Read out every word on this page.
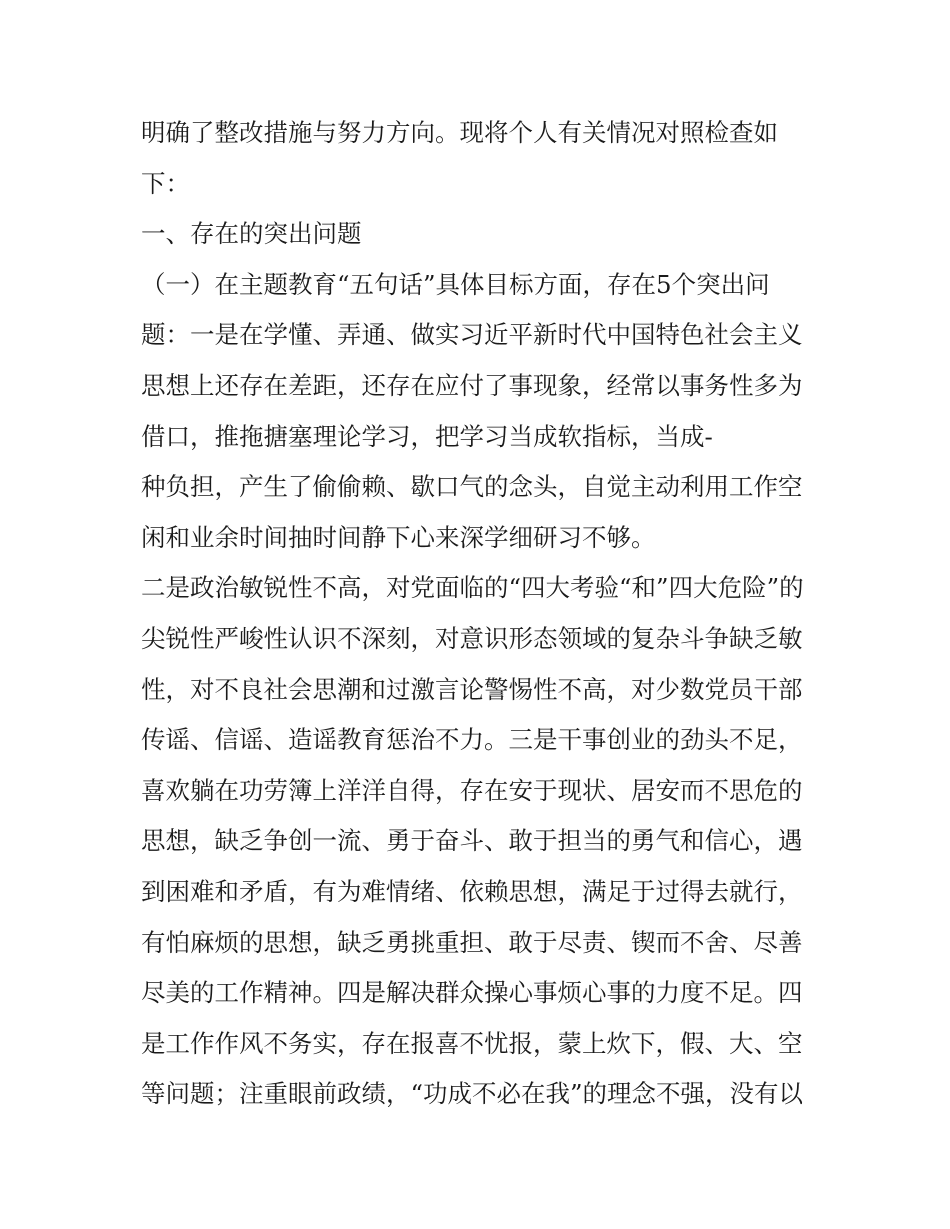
明确了整改措施与努力方向。现将个人有关情况对照检查如
下：
一、存在的突出问题
（一）在主题教育“五句话”具体目标方面，存在5个突出问
题：一是在学懂、弄通、做实习近平新时代中国特色社会主义
思想上还存在差距，还存在应付了事现象，经常以事务性多为
借口，推拖搪塞理论学习，把学习当成软指标，当成-
种负担，产生了偷偷赖、歇口气的念头，自觉主动利用工作空
闲和业余时间抽时间静下心来深学细研习不够。
二是政治敏锐性不高，对党面临的“四大考验“和”四大危险”的
尖锐性严峻性认识不深刻，对意识形态领域的复杂斗争缺乏敏
性，对不良社会思潮和过激言论警惕性不高，对少数党员干部
传谣、信谣、造谣教育惩治不力。三是干事创业的劲头不足，
喜欢躺在功劳簿上洋洋自得，存在安于现状、居安而不思危的
思想，缺乏争创一流、勇于奋斗、敢于担当的勇气和信心，遇
到困难和矛盾，有为难情绪、依赖思想，满足于过得去就行，
有怕麻烦的思想，缺乏勇挑重担、敢于尽责、锲而不舍、尽善
尽美的工作精神。四是解决群众操心事烦心事的力度不足。四
是工作作风不务实，存在报喜不忧报，蒙上炊下，假、大、空
等问题；注重眼前政绩，“功成不必在我”的理念不强，没有以
